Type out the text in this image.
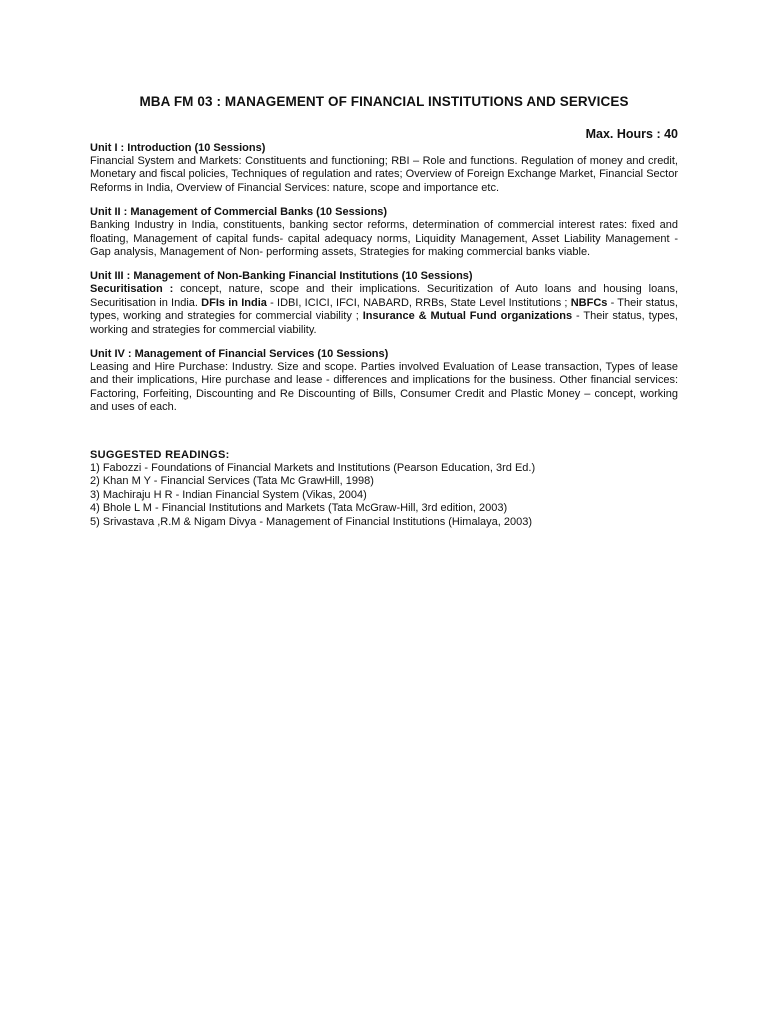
MBA FM 03 : MANAGEMENT OF FINANCIAL INSTITUTIONS AND SERVICES
Max. Hours : 40

Unit I : Introduction (10 Sessions)

Financial System and Markets: Constituents and functioning; RBI – Role and functions. Regulation of money and credit, Monetary and fiscal policies, Techniques of regulation and rates; Overview of Foreign Exchange Market, Financial Sector Reforms in India, Overview of Financial Services: nature, scope and importance etc.

Unit II : Management of Commercial Banks (10 Sessions)

Banking Industry in India, constituents, banking sector reforms, determination of commercial interest rates: fixed and floating, Management of capital funds- capital adequacy norms, Liquidity Management, Asset Liability Management - Gap analysis, Management of Non- performing assets, Strategies for making commercial banks viable.

Unit III : Management of Non-Banking Financial Institutions (10 Sessions)

Securitisation : concept, nature, scope and their implications. Securitization of Auto loans and housing loans, Securitisation in India. DFIs in India - IDBI, ICICI, IFCI, NABARD, RRBs, State Level Institutions ; NBFCs - Their status, types, working and strategies for commercial viability ; Insurance & Mutual Fund organizations - Their status, types, working and strategies for commercial viability.

Unit IV : Management of Financial Services (10 Sessions)

Leasing and Hire Purchase: Industry. Size and scope. Parties involved Evaluation of Lease transaction, Types of lease and their implications, Hire purchase and lease - differences and implications for the business. Other financial services: Factoring, Forfeiting, Discounting and Re Discounting of Bills, Consumer Credit and Plastic Money – concept, working and uses of each.

SUGGESTED READINGS:

1) Fabozzi - Foundations of Financial Markets and Institutions (Pearson Education, 3rd Ed.)
2) Khan M Y - Financial Services (Tata Mc GrawHill, 1998)
3) Machiraju H R - Indian Financial System (Vikas, 2004)
4) Bhole L M - Financial Institutions and Markets (Tata McGraw-Hill, 3rd edition, 2003)
5) Srivastava ,R.M & Nigam Divya - Management of Financial Institutions (Himalaya, 2003)
